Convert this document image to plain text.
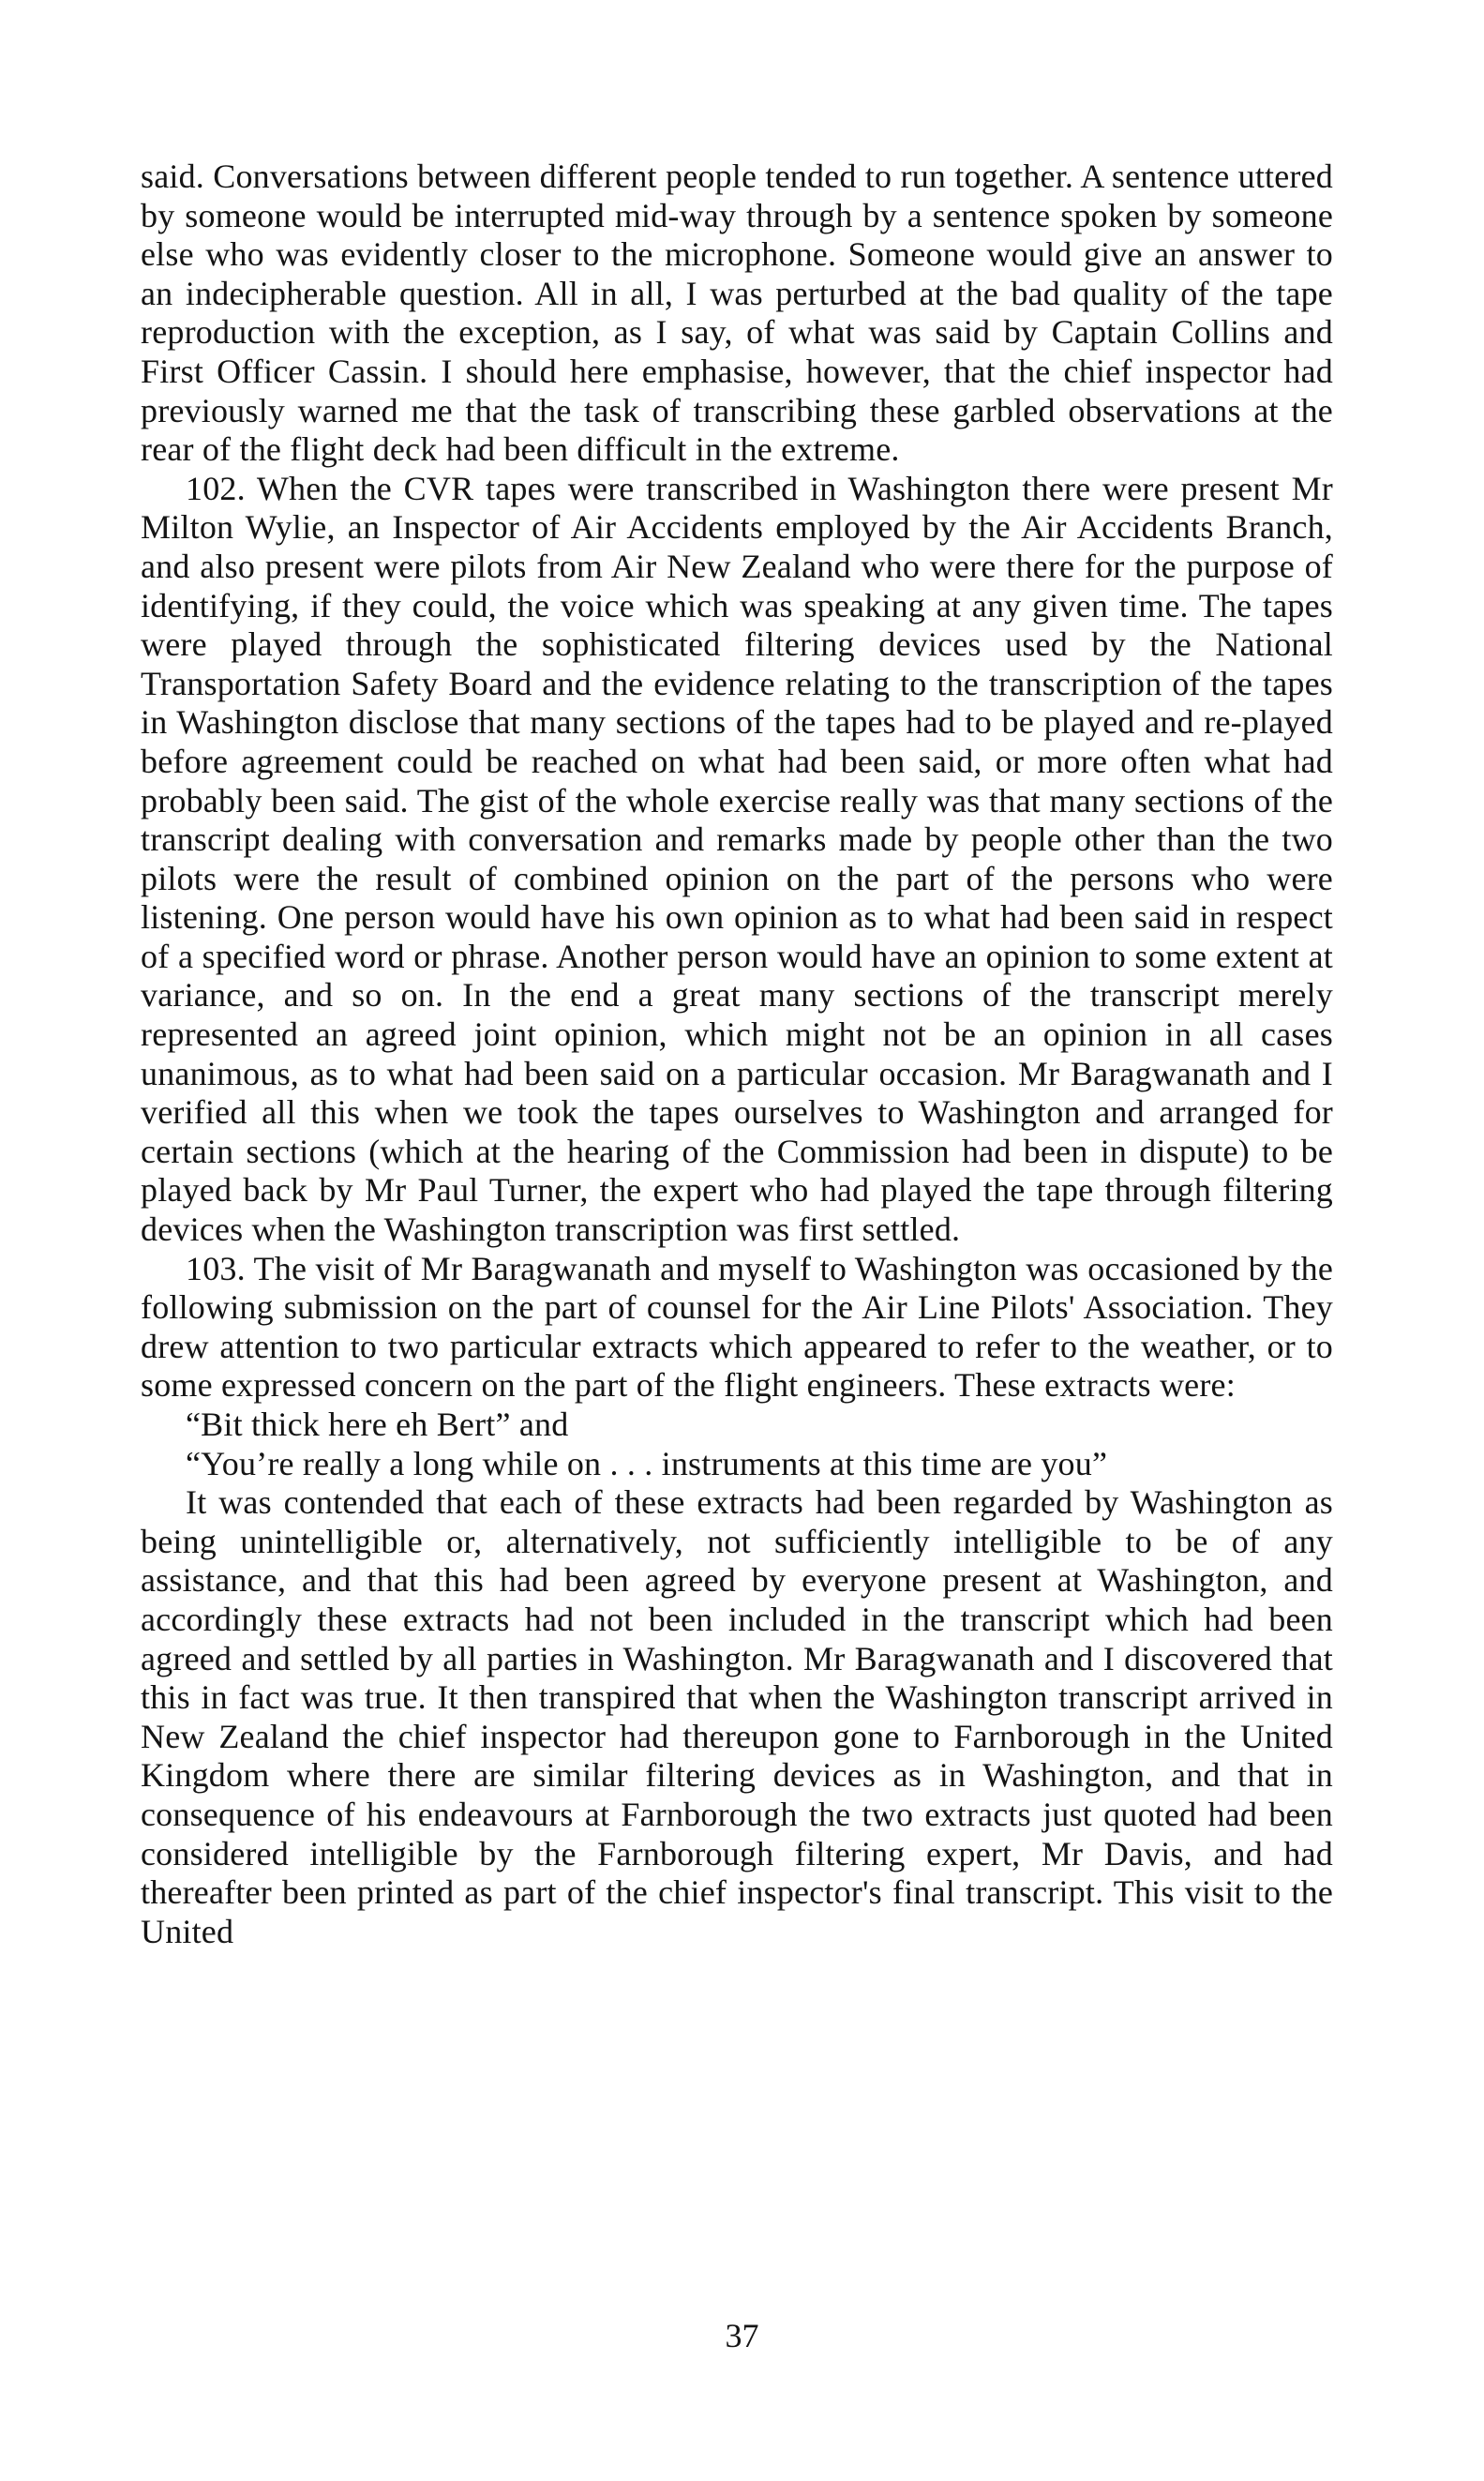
said. Conversations between different people tended to run together. A sentence uttered by someone would be interrupted mid-way through by a sentence spoken by someone else who was evidently closer to the microphone. Someone would give an answer to an indecipherable question. All in all, I was perturbed at the bad quality of the tape reproduction with the exception, as I say, of what was said by Captain Collins and First Officer Cassin. I should here emphasise, however, that the chief inspector had previously warned me that the task of transcribing these garbled observations at the rear of the flight deck had been difficult in the extreme.

102. When the CVR tapes were transcribed in Washington there were present Mr Milton Wylie, an Inspector of Air Accidents employed by the Air Accidents Branch, and also present were pilots from Air New Zealand who were there for the purpose of identifying, if they could, the voice which was speaking at any given time. The tapes were played through the sophisticated filtering devices used by the National Transportation Safety Board and the evidence relating to the transcription of the tapes in Washington disclose that many sections of the tapes had to be played and re-played before agreement could be reached on what had been said, or more often what had probably been said. The gist of the whole exercise really was that many sections of the transcript dealing with conversation and remarks made by people other than the two pilots were the result of combined opinion on the part of the persons who were listening. One person would have his own opinion as to what had been said in respect of a specified word or phrase. Another person would have an opinion to some extent at variance, and so on. In the end a great many sections of the transcript merely represented an agreed joint opinion, which might not be an opinion in all cases unanimous, as to what had been said on a particular occasion. Mr Baragwanath and I verified all this when we took the tapes ourselves to Washington and arranged for certain sections (which at the hearing of the Commission had been in dispute) to be played back by Mr Paul Turner, the expert who had played the tape through filtering devices when the Washington transcription was first settled.

103. The visit of Mr Baragwanath and myself to Washington was occasioned by the following submission on the part of counsel for the Air Line Pilots' Association. They drew attention to two particular extracts which appeared to refer to the weather, or to some expressed concern on the part of the flight engineers. These extracts were:

“Bit thick here eh Bert” and

“You’re really a long while on . . . instruments at this time are you”

It was contended that each of these extracts had been regarded by Washington as being unintelligible or, alternatively, not sufficiently intelligible to be of any assistance, and that this had been agreed by everyone present at Washington, and accordingly these extracts had not been included in the transcript which had been agreed and settled by all parties in Washington. Mr Baragwanath and I discovered that this in fact was true. It then transpired that when the Washington transcript arrived in New Zealand the chief inspector had thereupon gone to Farnborough in the United Kingdom where there are similar filtering devices as in Washington, and that in consequence of his endeavours at Farnborough the two extracts just quoted had been considered intelligible by the Farnborough filtering expert, Mr Davis, and had thereafter been printed as part of the chief inspector's final transcript. This visit to the United

37
